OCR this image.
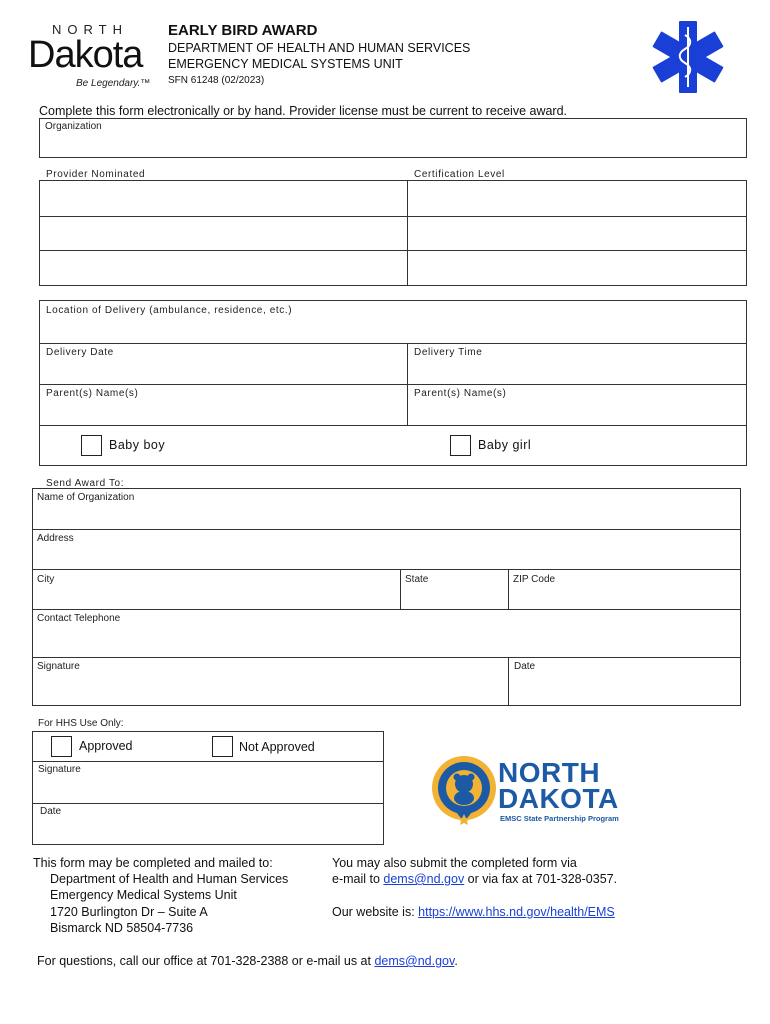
NORTH
Dakota
Be Legendary.™
EARLY BIRD AWARD
DEPARTMENT OF HEALTH AND HUMAN SERVICES
EMERGENCY MEDICAL SYSTEMS UNIT
SFN 61248 (02/2023)
Complete this form electronically or by hand. Provider license must be current to receive award.
Organization
Provider Nominated	Certification Level
Location of Delivery (ambulance, residence, etc.)
Delivery Date	Delivery Time
Parent(s) Name(s)	Parent(s) Name(s)
Baby boy	Baby girl
Send Award To:
Name of Organization
Address
City	State	ZIP Code
Contact Telephone
Signature	Date
For HHS Use Only:
Approved	Not Approved
Signature
Date
NORTH
DAKOTA
EMSC State Partnership Program
This form may be completed and mailed to:
Department of Health and Human Services
Emergency Medical Systems Unit
1720 Burlington Dr – Suite A
Bismarck ND 58504-7736
You may also submit the completed form via
e-mail to dems@nd.gov or via fax at 701-328-0357.
Our website is: https://www.hhs.nd.gov/health/EMS
For questions, call our office at 701-328-2388 or e-mail us at dems@nd.gov.
